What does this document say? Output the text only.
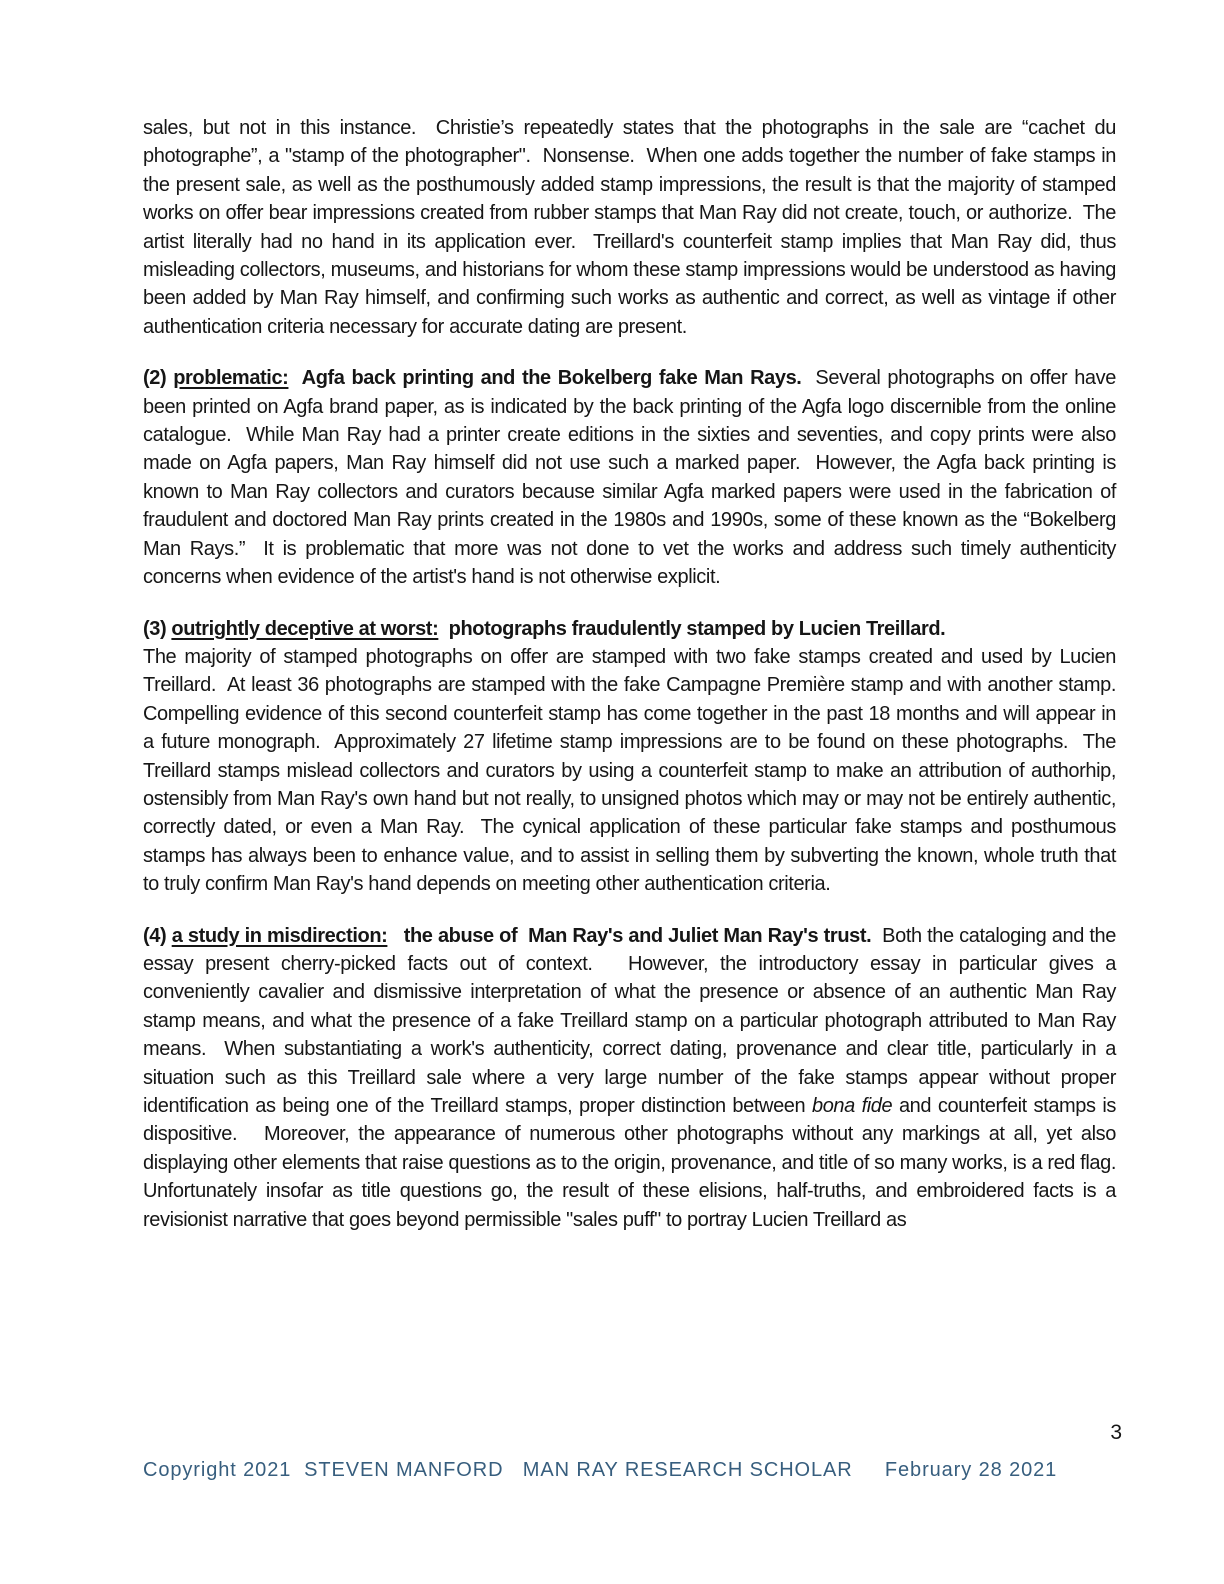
sales, but not in this instance.  Christie’s repeatedly states that the photographs in the sale are “cachet du photographe”, a "stamp of the photographer".  Nonsense.  When one adds together the number of fake stamps in the present sale, as well as the posthumously added stamp impressions, the result is that the majority of stamped works on offer bear impressions created from rubber stamps that Man Ray did not create, touch, or authorize.  The artist literally had no hand in its application ever.  Treillard's counterfeit stamp implies that Man Ray did, thus misleading collectors, museums, and historians for whom these stamp impressions would be understood as having been added by Man Ray himself, and confirming such works as authentic and correct, as well as vintage if other authentication criteria necessary for accurate dating are present.

(2) problematic:  Agfa back printing and the Bokelberg fake Man Rays.  Several photographs on offer have been printed on Agfa brand paper, as is indicated by the back printing of the Agfa logo discernible from the online catalogue.  While Man Ray had a printer create editions in the sixties and seventies, and copy prints were also made on Agfa papers, Man Ray himself did not use such a marked paper.  However, the Agfa back printing is known to Man Ray collectors and curators because similar Agfa marked papers were used in the fabrication of fraudulent and doctored Man Ray prints created in the 1980s and 1990s, some of these known as the “Bokelberg Man Rays.”  It is problematic that more was not done to vet the works and address such timely authenticity concerns when evidence of the artist's hand is not otherwise explicit.

(3) outrightly deceptive at worst:  photographs fraudulently stamped by Lucien Treillard.
The majority of stamped photographs on offer are stamped with two fake stamps created and used by Lucien Treillard.  At least 36 photographs are stamped with the fake Campagne Première stamp and with another stamp.  Compelling evidence of this second counterfeit stamp has come together in the past 18 months and will appear in a future monograph.  Approximately 27 lifetime stamp impressions are to be found on these photographs.  The Treillard stamps mislead collectors and curators by using a counterfeit stamp to make an attribution of authorhip, ostensibly from Man Ray's own hand but not really, to unsigned photos which may or may not be entirely authentic, correctly dated, or even a Man Ray.  The cynical application of these particular fake stamps and posthumous stamps has always been to enhance value, and to assist in selling them by subverting the known, whole truth that to truly confirm Man Ray's hand depends on meeting other authentication criteria.

(4) a study in misdirection:   the abuse of  Man Ray's and Juliet Man Ray's trust.  Both the cataloging and the essay present cherry-picked facts out of context.   However, the introductory essay in particular gives a conveniently cavalier and dismissive interpretation of what the presence or absence of an authentic Man Ray stamp means, and what the presence of a fake Treillard stamp on a particular photograph attributed to Man Ray means.  When substantiating a work's authenticity, correct dating, provenance and clear title, particularly in a situation such as this Treillard sale where a very large number of the fake stamps appear without proper identification as being one of the Treillard stamps, proper distinction between bona fide and counterfeit stamps is dispositive.   Moreover, the appearance of numerous other photographs without any markings at all, yet also displaying other elements that raise questions as to the origin, provenance, and title of so many works, is a red flag.  Unfortunately insofar as title questions go, the result of these elisions, half-truths, and embroidered facts is a revisionist narrative that goes beyond permissible "sales puff" to portray Lucien Treillard as

3
Copyright 2021  STEVEN MANFORD   MAN RAY RESEARCH SCHOLAR     February 28 2021
